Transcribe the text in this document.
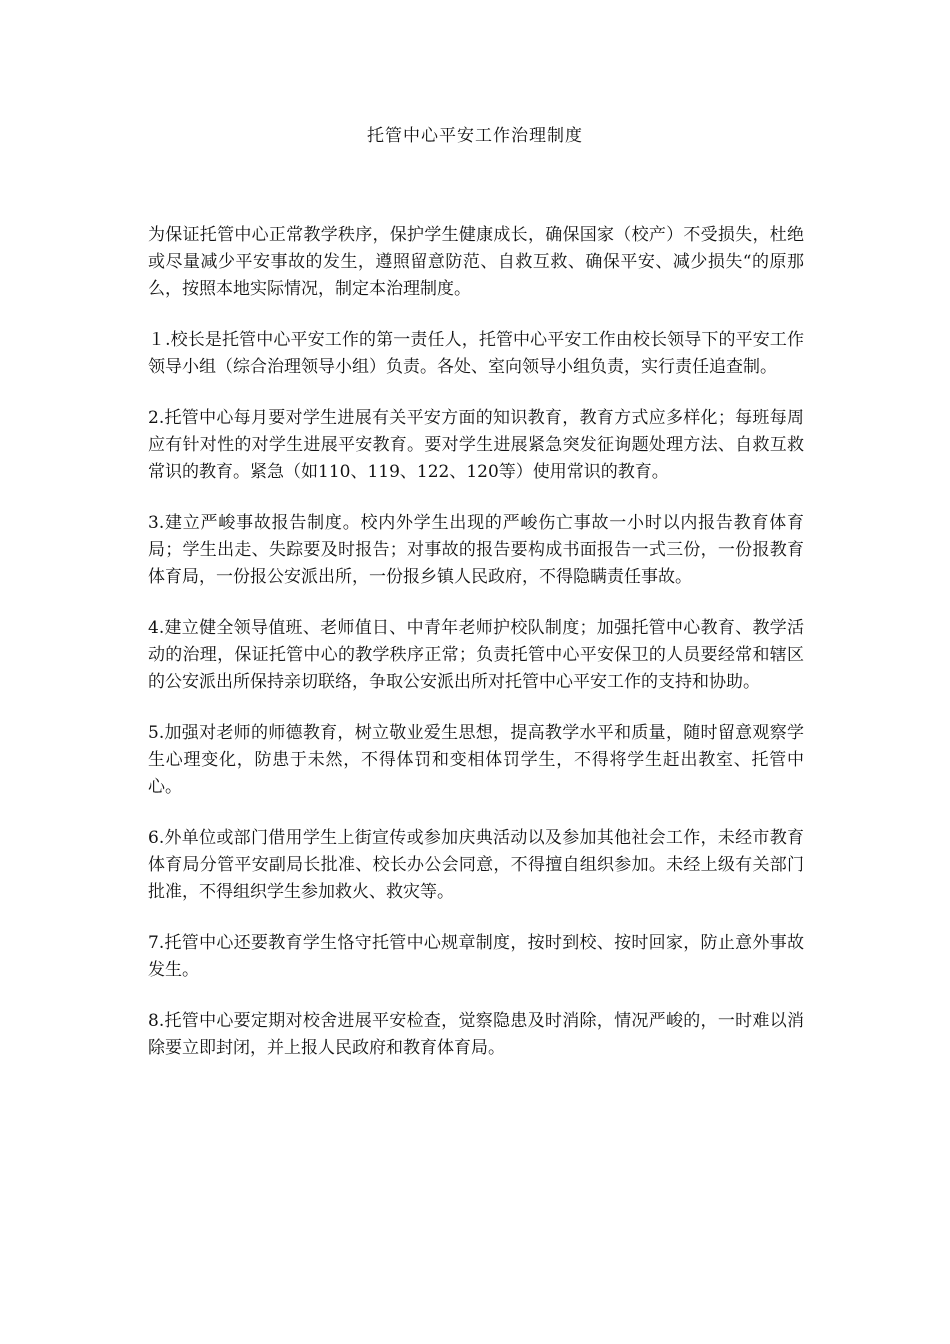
托管中心平安工作治理制度

为保证托管中心正常教学秩序，保护学生健康成长，确保国家（校产）不受损失，杜绝或尽量减少平安事故的发生，遵照留意防范、自救互救、确保平安、减少损失“的原那么，按照本地实际情况，制定本治理制度。

１.校长是托管中心平安工作的第一责任人，托管中心平安工作由校长领导下的平安工作领导小组（综合治理领导小组）负责。各处、室向领导小组负责，实行责任追查制。

2.托管中心每月要对学生进展有关平安方面的知识教育，教育方式应多样化；每班每周应有针对性的对学生进展平安教育。要对学生进展紧急突发征询题处理方法、自救互救常识的教育。紧急（如110、119、122、120等）使用常识的教育。

3.建立严峻事故报告制度。校内外学生出现的严峻伤亡事故一小时以内报告教育体育局；学生出走、失踪要及时报告；对事故的报告要构成书面报告一式三份，一份报教育体育局，一份报公安派出所，一份报乡镇人民政府，不得隐瞒责任事故。

4.建立健全领导值班、老师值日、中青年老师护校队制度；加强托管中心教育、教学活动的治理，保证托管中心的教学秩序正常；负责托管中心平安保卫的人员要经常和辖区的公安派出所保持亲切联络，争取公安派出所对托管中心平安工作的支持和协助。

5.加强对老师的师德教育，树立敬业爱生思想，提高教学水平和质量，随时留意观察学生心理变化，防患于未然，不得体罚和变相体罚学生，不得将学生赶出教室、托管中心。

6.外单位或部门借用学生上街宣传或参加庆典活动以及参加其他社会工作，未经市教育体育局分管平安副局长批准、校长办公会同意，不得擅自组织参加。未经上级有关部门批准，不得组织学生参加救火、救灾等。

7.托管中心还要教育学生恪守托管中心规章制度，按时到校、按时回家，防止意外事故发生。

8.托管中心要定期对校舍进展平安检查，觉察隐患及时消除，情况严峻的，一时难以消除要立即封闭，并上报人民政府和教育体育局。
